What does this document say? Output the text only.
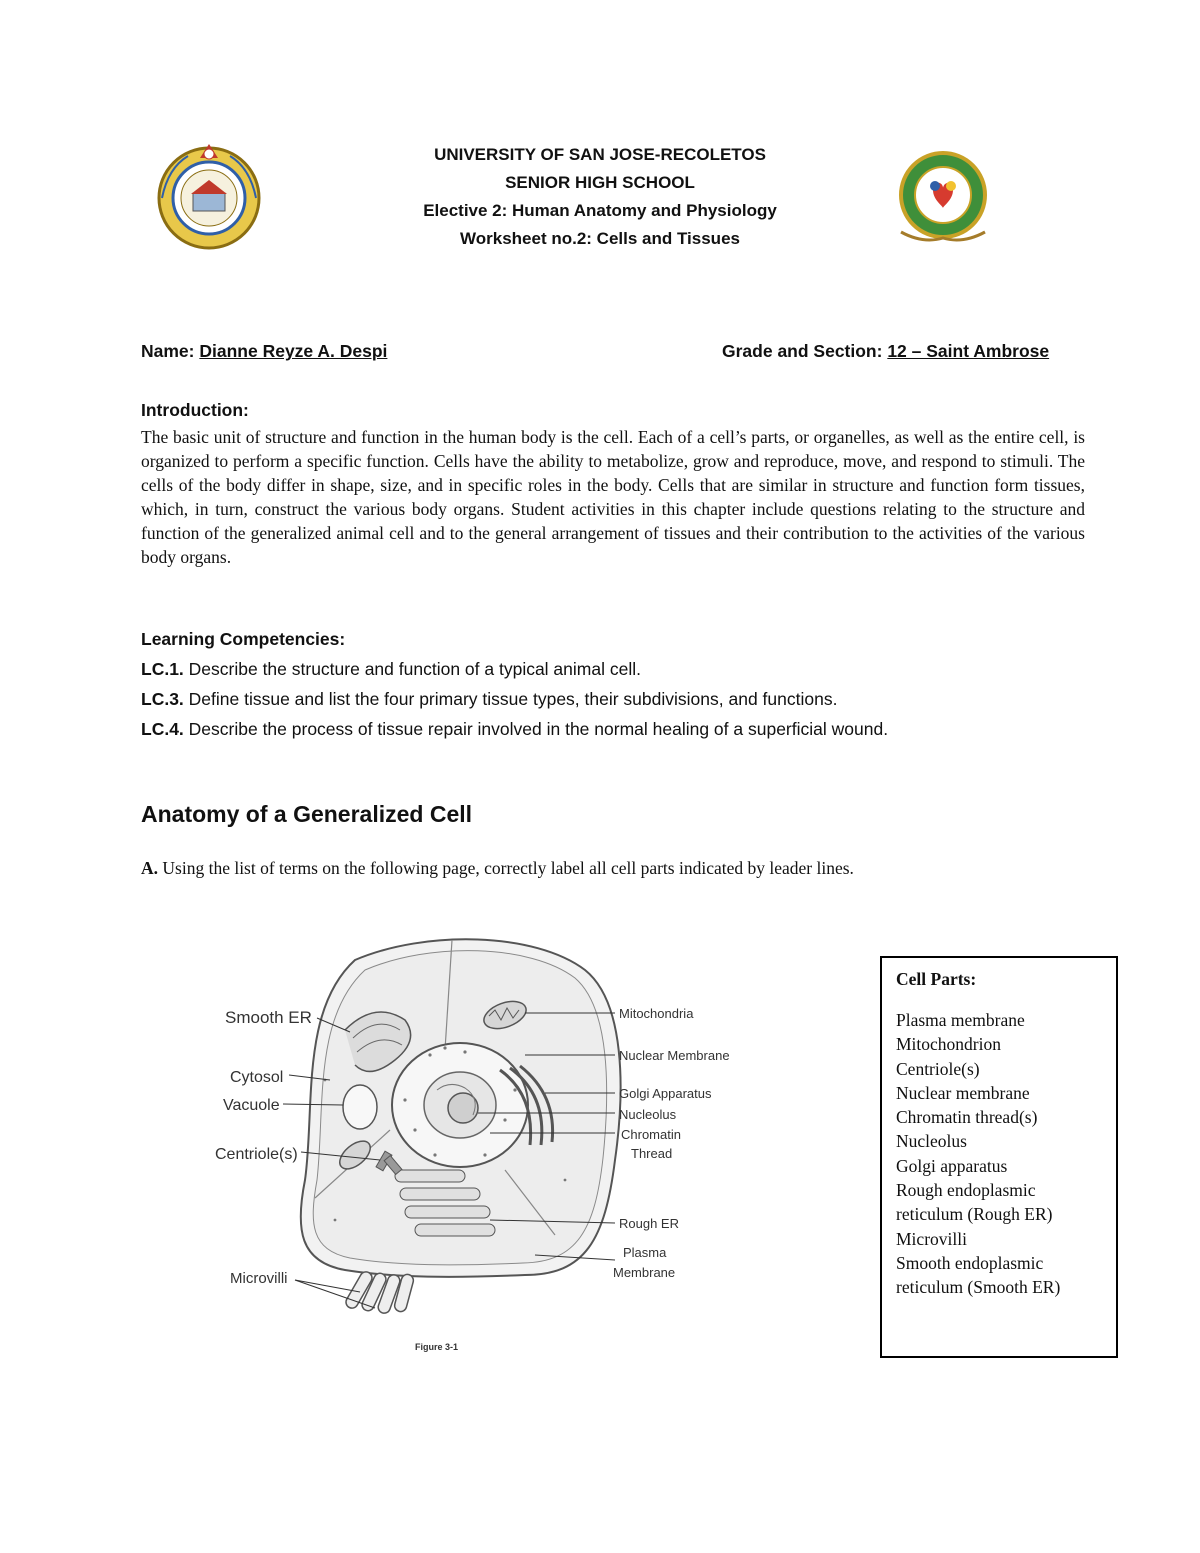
UNIVERSITY OF SAN JOSE-RECOLETOS
SENIOR HIGH SCHOOL
Elective 2: Human Anatomy and Physiology
Worksheet no.2: Cells and Tissues
Name: Dianne Reyze A. Despi	Grade and Section: 12 – Saint Ambrose
Introduction:
The basic unit of structure and function in the human body is the cell. Each of a cell’s parts, or organelles, as well as the entire cell, is organized to perform a specific function. Cells have the ability to metabolize, grow and reproduce, move, and respond to stimuli. The cells of the body differ in shape, size, and in specific roles in the body. Cells that are similar in structure and function form tissues, which, in turn, construct the various body organs. Student activities in this chapter include questions relating to the structure and function of the generalized animal cell and to the general arrangement of tissues and their contribution to the activities of the various body organs.
Learning Competencies:
LC.1. Describe the structure and function of a typical animal cell.
LC.3. Define tissue and list the four primary tissue types, their subdivisions, and functions.
LC.4. Describe the process of tissue repair involved in the normal healing of a superficial wound.
Anatomy of a Generalized Cell
A. Using the list of terms on the following page, correctly label all cell parts indicated by leader lines.
Smooth ER
Cytosol
Vacuole
Centriole(s)
Microvilli
Mitochondria
Nuclear Membrane
Golgi Apparatus
Nucleolus
Chromatin
Thread
Rough ER
Plasma
Membrane
Figure 3-1
Cell Parts:
Plasma membrane
Mitochondrion
Centriole(s)
Nuclear membrane
Chromatin thread(s)
Nucleolus
Golgi apparatus
Rough endoplasmic
reticulum (Rough ER)
Microvilli
Smooth endoplasmic
reticulum (Smooth ER)
